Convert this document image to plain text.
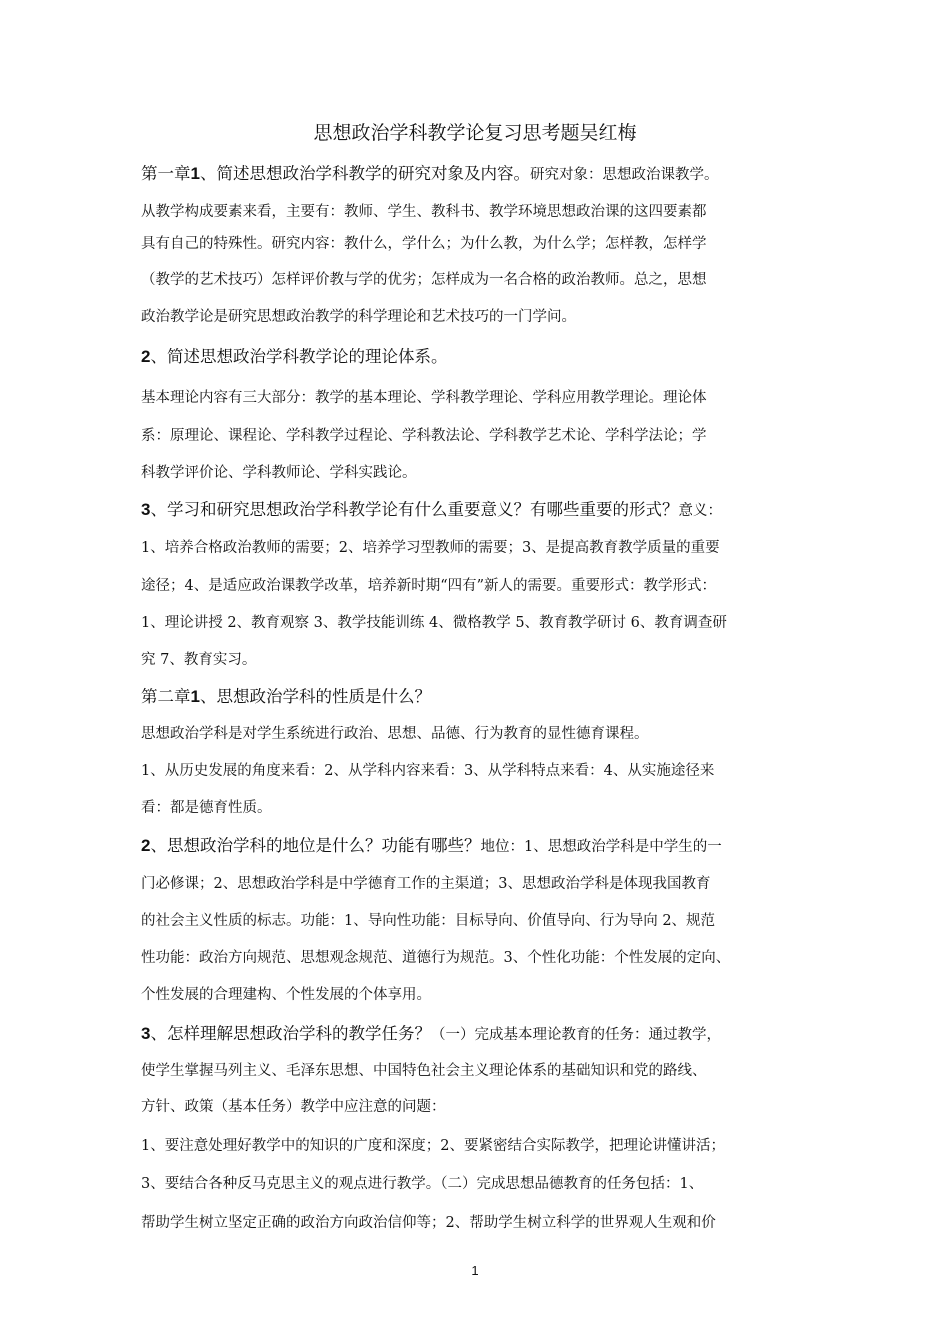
思想政治学科教学论复习思考题吴红梅
第一章1、简述思想政治学科教学的研究对象及内容。研究对象：思想政治课教学。
从教学构成要素来看，主要有：教师、学生、教科书、教学环境思想政治课的这四要素都
具有自己的特殊性。研究内容：教什么，学什么；为什么教，为什么学；怎样教，怎样学
（教学的艺术技巧）怎样评价教与学的优劣；怎样成为一名合格的政治教师。总之，思想
政治教学论是研究思想政治教学的科学理论和艺术技巧的一门学问。
2、简述思想政治学科教学论的理论体系。
基本理论内容有三大部分：教学的基本理论、学科教学理论、学科应用教学理论。理论体
系：原理论、课程论、学科教学过程论、学科教法论、学科教学艺术论、学科学法论；学
科教学评价论、学科教师论、学科实践论。
3、学习和研究思想政治学科教学论有什么重要意义？有哪些重要的形式？意义：
1、培养合格政治教师的需要；2、培养学习型教师的需要；3、是提高教育教学质量的重要
途径；4、是适应政治课教学改革，培养新时期“四有”新人的需要。重要形式：教学形式：
1、理论讲授 2、教育观察 3、教学技能训练 4、微格教学 5、教育教学研讨 6、教育调查研
究 7、教育实习。
第二章1、思想政治学科的性质是什么？
思想政治学科是对学生系统进行政治、思想、品德、行为教育的显性德育课程。
1、从历史发展的角度来看：2、从学科内容来看：3、从学科特点来看：4、从实施途径来
看：都是德育性质。
2、思想政治学科的地位是什么？功能有哪些？地位：1、思想政治学科是中学生的一
门必修课；2、思想政治学科是中学德育工作的主渠道；3、思想政治学科是体现我国教育
的社会主义性质的标志。功能：1、导向性功能：目标导向、价值导向、行为导向 2、规范
性功能：政治方向规范、思想观念规范、道德行为规范。3、个性化功能：个性发展的定向、
个性发展的合理建构、个性发展的个体享用。
3、怎样理解思想政治学科的教学任务？（一）完成基本理论教育的任务：通过教学，
使学生掌握马列主义、毛泽东思想、中国特色社会主义理论体系的基础知识和党的路线、
方针、政策（基本任务）教学中应注意的问题：
1、要注意处理好教学中的知识的广度和深度；2、要紧密结合实际教学，把理论讲懂讲活；
3、要结合各种反马克思主义的观点进行教学。（二）完成思想品德教育的任务包括：1、
帮助学生树立坚定正确的政治方向政治信仰等；2、帮助学生树立科学的世界观人生观和价
1
